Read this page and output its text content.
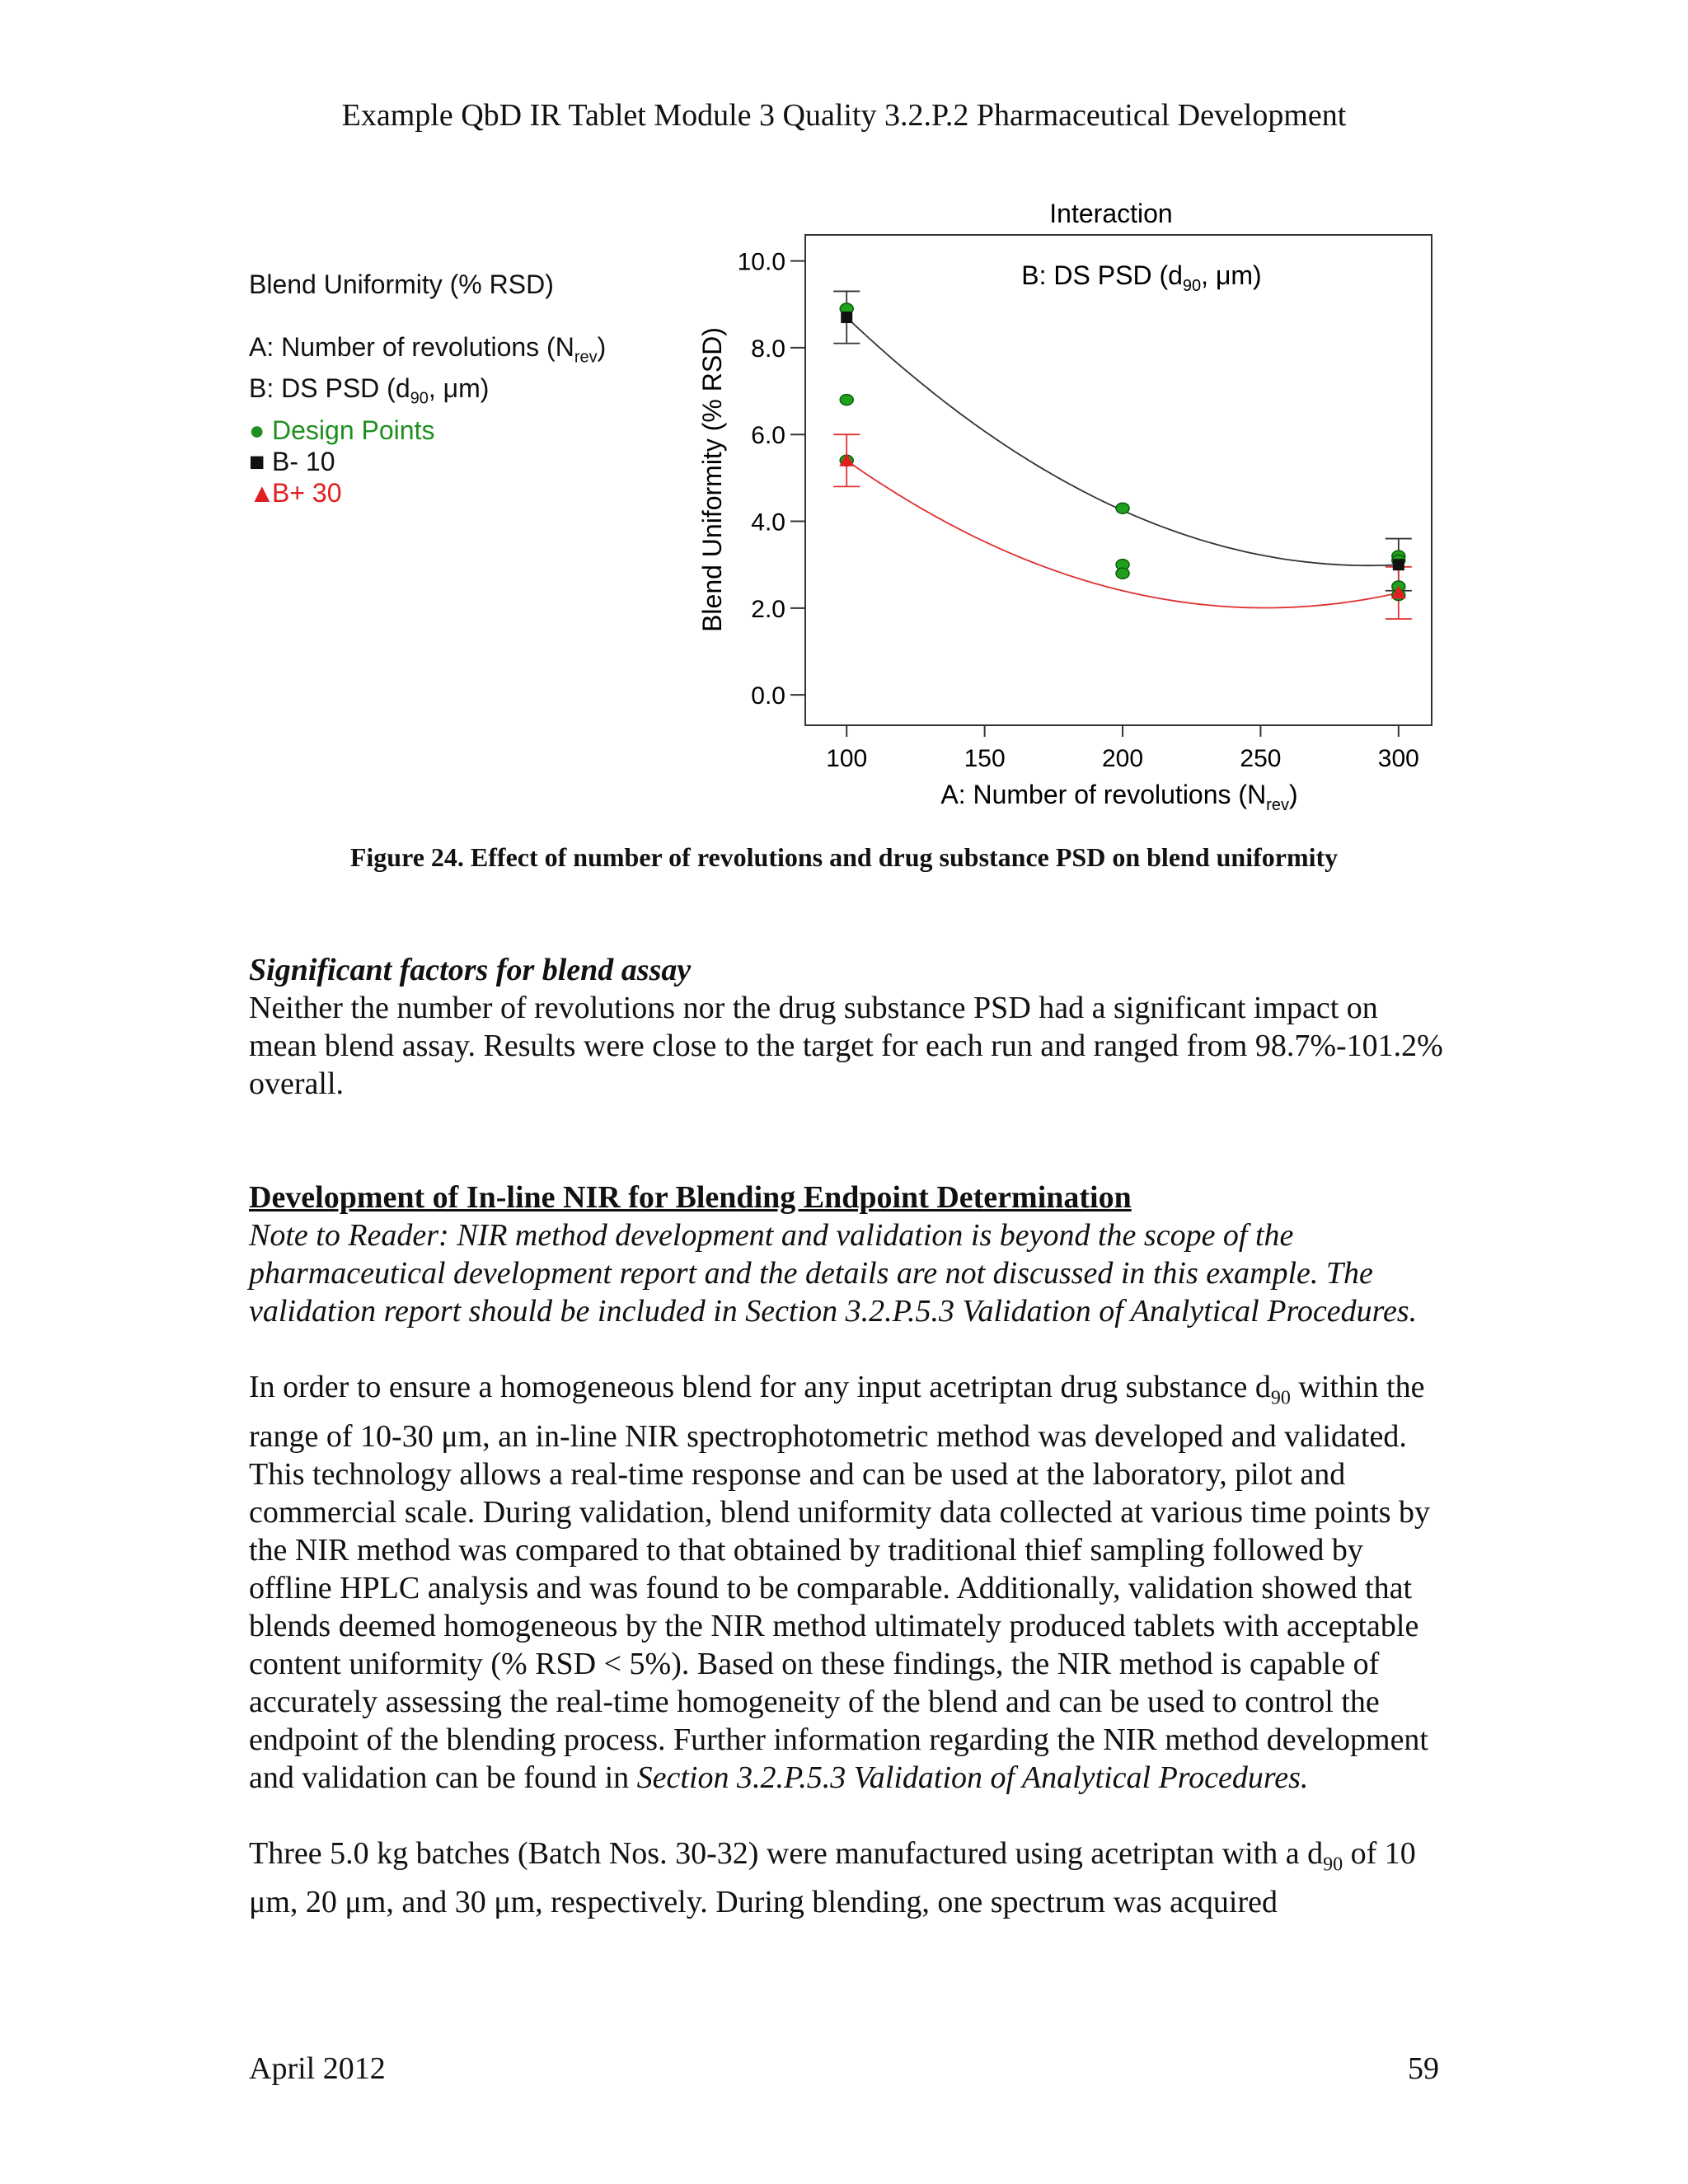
Example QbD IR Tablet Module 3 Quality 3.2.P.2 Pharmaceutical Development
Blend Uniformity (% RSD)
A: Number of revolutions $(N_{rev})$
B: DS PSD ($d_{90}$, μm)
● Design Points
■ B- 10
▲B+ 30
Interaction
B: DS PSD ($d_{90}$, μm)
Blend Uniformity (% RSD)
A: Number of revolutions $(N_{rev})$
0.0
2.0
4.0
6.0
8.0
10.0
100	150	200	250	300
Figure 24. Effect of number of revolutions and drug substance PSD on blend uniformity

Significant factors for blend assay

Neither the number of revolutions nor the drug substance PSD had a significant impact on mean blend assay. Results were close to the target for each run and ranged from 98.7%-101.2% overall.

Development of In-line NIR for Blending Endpoint Determination

Note to Reader: NIR method development and validation is beyond the scope of the pharmaceutical development report and the details are not discussed in this example. The validation report should be included in Section 3.2.P.5.3 Validation of Analytical Procedures.

In order to ensure a homogeneous blend for any input acetriptan drug substance $d_{90}$ within the range of 10-30 μm, an in-line NIR spectrophotometric method was developed and validated. This technology allows a real-time response and can be used at the laboratory, pilot and commercial scale. During validation, blend uniformity data collected at various time points by the NIR method was compared to that obtained by traditional thief sampling followed by offline HPLC analysis and was found to be comparable. Additionally, validation showed that blends deemed homogeneous by the NIR method ultimately produced tablets with acceptable content uniformity (% RSD < 5%). Based on these findings, the NIR method is capable of accurately assessing the real-time homogeneity of the blend and can be used to control the endpoint of the blending process. Further information regarding the NIR method development and validation can be found in Section 3.2.P.5.3 Validation of Analytical Procedures.

Three 5.0 kg batches (Batch Nos. 30-32) were manufactured using acetriptan with a $d_{90}$ of 10 μm, 20 μm, and 30 μm, respectively. During blending, one spectrum was acquired

April 2012	59
